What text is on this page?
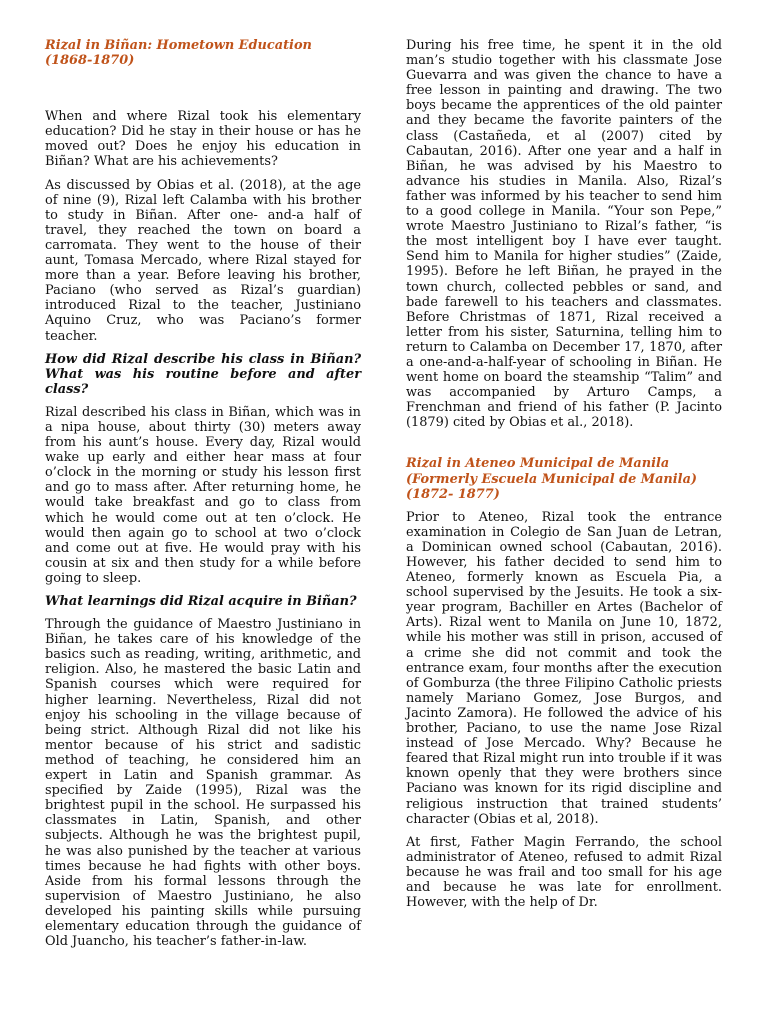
Rizal in Biñan: Hometown Education (1868-1870)

When and where Rizal took his elementary education? Did he stay in their house or has he moved out? Does he enjoy his education in Biñan? What are his achievements?

As discussed by Obias et al. (2018), at the age of nine (9), Rizal left Calamba with his brother to study in Biñan. After one- and-a half of travel, they reached the town on board a carromata. They went to the house of their aunt, Tomasa Mercado, where Rizal stayed for more than a year. Before leaving his brother, Paciano (who served as Rizal’s guardian) introduced Rizal to the teacher, Justiniano Aquino Cruz, who was Paciano’s former teacher.

How did Rizal describe his class in Biñan? What was his routine before and after class?

Rizal described his class in Biñan, which was in a nipa house, about thirty (30) meters away from his aunt’s house. Every day, Rizal would wake up early and either hear mass at four o’clock in the morning or study his lesson first and go to mass after. After returning home, he would take breakfast and go to class from which he would come out at ten o’clock. He would then again go to school at two o’clock and come out at five. He would pray with his cousin at six and then study for a while before going to sleep.

What learnings did Rizal acquire in Biñan?

Through the guidance of Maestro Justiniano in Biñan, he takes care of his knowledge of the basics such as reading, writing, arithmetic, and religion. Also, he mastered the basic Latin and Spanish courses which were required for higher learning. Nevertheless, Rizal did not enjoy his schooling in the village because of being strict. Although Rizal did not like his mentor because of his strict and sadistic method of teaching, he considered him an expert in Latin and Spanish grammar. As specified by Zaide (1995), Rizal was the brightest pupil in the school. He surpassed his classmates in Latin, Spanish, and other subjects. Although he was the brightest pupil, he was also punished by the teacher at various times because he had fights with other boys. Aside from his formal lessons through the supervision of Maestro Justiniano, he also developed his painting skills while pursuing elementary education through the guidance of Old Juancho, his teacher’s father-in-law.

During his free time, he spent it in the old man’s studio together with his classmate Jose Guevarra and was given the chance to have a free lesson in painting and drawing. The two boys became the apprentices of the old painter and they became the favorite painters of the class (Castañeda, et al (2007) cited by Cabautan, 2016). After one year and a half in Biñan, he was advised by his Maestro to advance his studies in Manila. Also, Rizal’s father was informed by his teacher to send him to a good college in Manila. “Your son Pepe,” wrote Maestro Justiniano to Rizal’s father, “is the most intelligent boy I have ever taught. Send him to Manila for higher studies” (Zaide, 1995). Before he left Biñan, he prayed in the town church, collected pebbles or sand, and bade farewell to his teachers and classmates. Before Christmas of 1871, Rizal received a letter from his sister, Saturnina, telling him to return to Calamba on December 17, 1870, after a one-and-a-half-year of schooling in Biñan. He went home on board the steamship “Talim” and was accompanied by Arturo Camps, a Frenchman and friend of his father (P. Jacinto (1879) cited by Obias et al., 2018).

Rizal in Ateneo Municipal de Manila (Formerly Escuela Municipal de Manila) (1872- 1877)

Prior to Ateneo, Rizal took the entrance examination in Colegio de San Juan de Letran, a Dominican owned school (Cabautan, 2016). However, his father decided to send him to Ateneo, formerly known as Escuela Pia, a school supervised by the Jesuits. He took a six-year program, Bachiller en Artes (Bachelor of Arts). Rizal went to Manila on June 10, 1872, while his mother was still in prison, accused of a crime she did not commit and took the entrance exam, four months after the execution of Gomburza (the three Filipino Catholic priests namely Mariano Gomez, Jose Burgos, and Jacinto Zamora). He followed the advice of his brother, Paciano, to use the name Jose Rizal instead of Jose Mercado. Why? Because he feared that Rizal might run into trouble if it was known openly that they were brothers since Paciano was known for its rigid discipline and religious instruction that trained students’ character (Obias et al, 2018).

At first, Father Magin Ferrando, the school administrator of Ateneo, refused to admit Rizal because he was frail and too small for his age and because he was late for enrollment. However, with the help of Dr.
